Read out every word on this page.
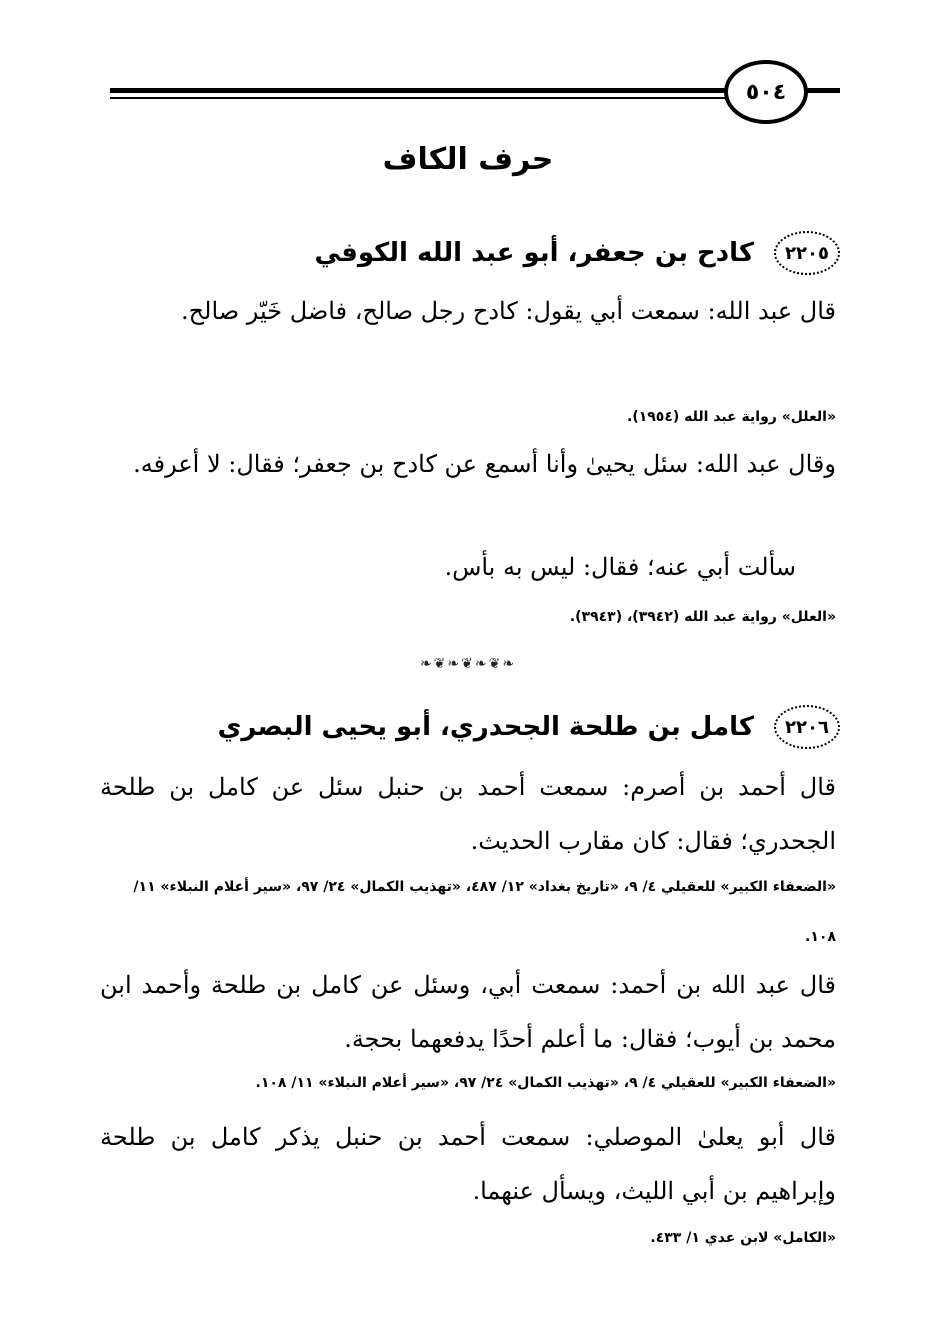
٥٠٤
حرف الكاف
٢٢٠٥
كادح بن جعفر، أبو عبد الله الكوفي
قال عبد الله: سمعت أبي يقول: كادح رجل صالح، فاضل خَيّر صالح.
«العلل» رواية عبد الله (١٩٥٤).
وقال عبد الله: سئل يحيىٰ وأنا أسمع عن كادح بن جعفر؛ فقال: لا أعرفه.
سألت أبي عنه؛ فقال: ليس به بأس.
«العلل» رواية عبد الله (٣٩٤٢)، (٣٩٤٣).
❧❦❧❦❧❦❧
٢٢٠٦
كامل بن طلحة الجحدري، أبو يحيى البصري
قال أحمد بن أصرم: سمعت أحمد بن حنبل سئل عن كامل بن طلحة الجحدري؛ فقال: كان مقارب الحديث.
«الضعفاء الكبير» للعقيلي ٤/ ٩، «تاريخ بغداد» ١٢/ ٤٨٧، «تهذيب الكمال» ٢٤/ ٩٧، «سير أعلام النبلاء» ١١/ ١٠٨.
قال عبد الله بن أحمد: سمعت أبي، وسئل عن كامل بن طلحة وأحمد ابن محمد بن أيوب؛ فقال: ما أعلم أحدًا يدفعهما بحجة.
«الضعفاء الكبير» للعقيلي ٤/ ٩، «تهذيب الكمال» ٢٤/ ٩٧، «سير أعلام النبلاء» ١١/ ١٠٨.
قال أبو يعلىٰ الموصلي: سمعت أحمد بن حنبل يذكر كامل بن طلحة وإبراهيم بن أبي الليث، ويسأل عنهما.
«الكامل» لابن عدي ١/ ٤٣٣.
